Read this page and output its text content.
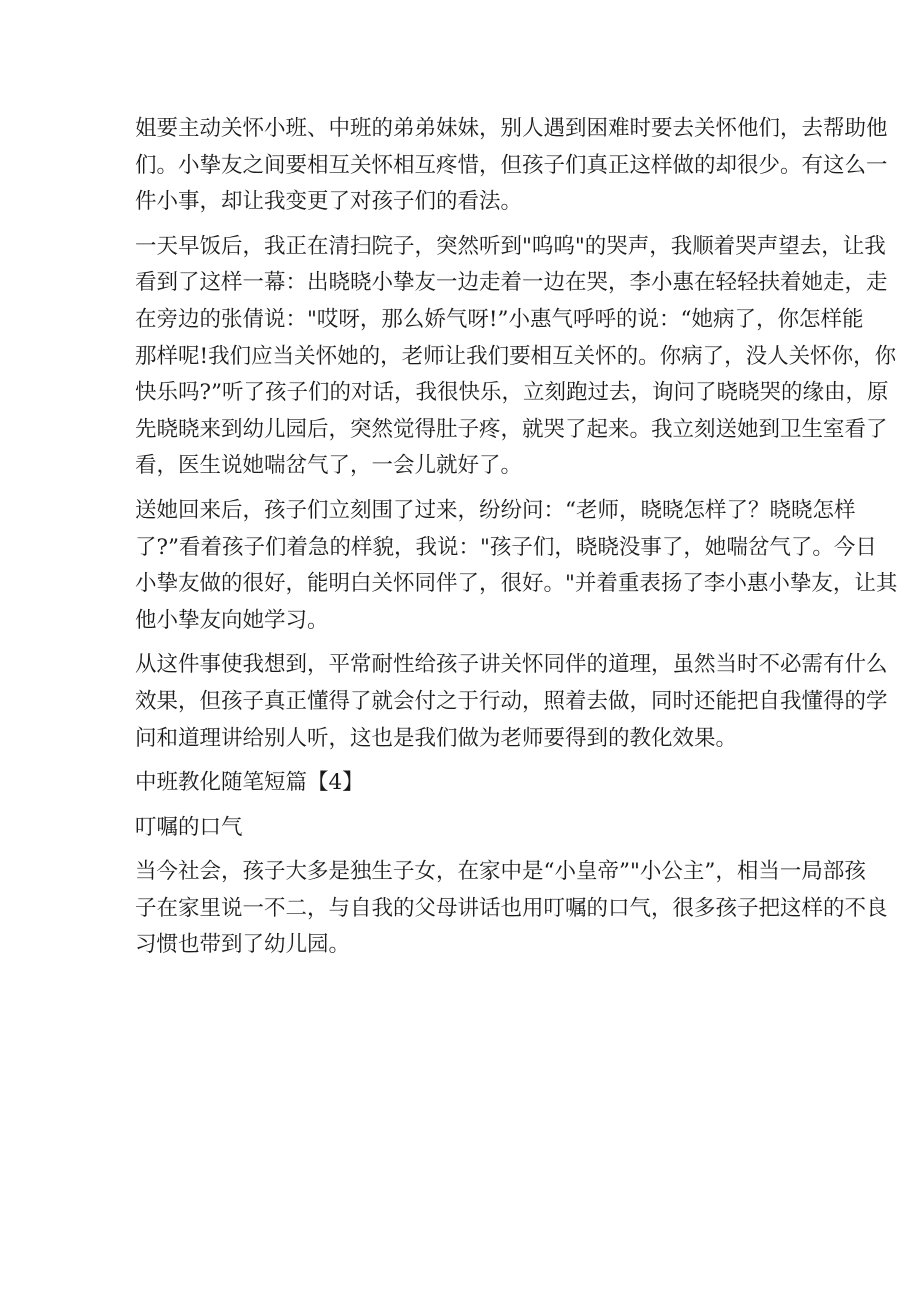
姐要主动关怀小班、中班的弟弟妹妹，别人遇到困难时要去关怀他们，去帮助他
们。小挚友之间要相互关怀相互疼惜，但孩子们真正这样做的却很少。有这么一
件小事，却让我变更了对孩子们的看法。

一天早饭后，我正在清扫院子，突然听到"呜呜"的哭声，我顺着哭声望去，让我
看到了这样一幕：出晓晓小挚友一边走着一边在哭，李小惠在轻轻扶着她走，走
在旁边的张倩说："哎呀，那么娇气呀!”小惠气呼呼的说：“她病了，你怎样能
那样呢!我们应当关怀她的，老师让我们要相互关怀的。你病了，没人关怀你，你
快乐吗?”听了孩子们的对话，我很快乐，立刻跑过去，询问了晓晓哭的缘由，原
先晓晓来到幼儿园后，突然觉得肚子疼，就哭了起来。我立刻送她到卫生室看了
看，医生说她喘岔气了，一会儿就好了。

送她回来后，孩子们立刻围了过来，纷纷问：“老师，晓晓怎样了？晓晓怎样
了?”看着孩子们着急的样貌，我说："孩子们，晓晓没事了，她喘岔气了。今日
小挚友做的很好，能明白关怀同伴了，很好。"并着重表扬了李小惠小挚友，让其
他小挚友向她学习。

从这件事使我想到，平常耐性给孩子讲关怀同伴的道理，虽然当时不必需有什么
效果，但孩子真正懂得了就会付之于行动，照着去做，同时还能把自我懂得的学
问和道理讲给别人听，这也是我们做为老师要得到的教化效果。

中班教化随笔短篇【4】
叮嘱的口气

当今社会，孩子大多是独生子女，在家中是“小皇帝”"小公主”，相当一局部孩
子在家里说一不二，与自我的父母讲话也用叮嘱的口气，很多孩子把这样的不良
习惯也带到了幼儿园。
